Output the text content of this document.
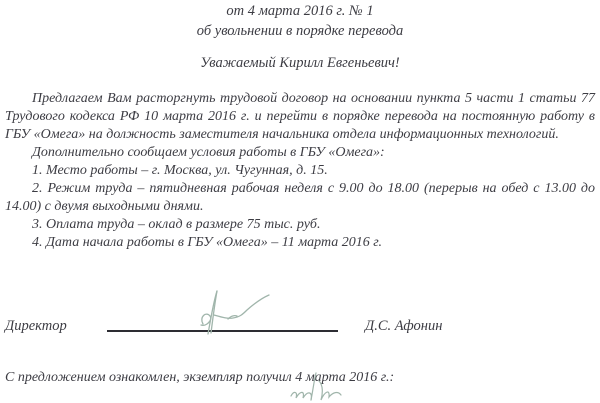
от 4 марта 2016 г. № 1
об увольнении в порядке перевода
Уважаемый Кирилл Евгеньевич!

Предлагаем Вам расторгнуть трудовой договор на основании пункта 5 части 1 статьи 77 Трудового кодекса РФ 10 марта 2016 г. и перейти в порядке перевода на постоянную работу в ГБУ «Омега» на должность заместителя начальника отдела информационных технологий.

Дополнительно сообщаем условия работы в ГБУ «Омега»:

1. Место работы – г. Москва, ул. Чугунная, д. 15.

2. Режим труда – пятидневная рабочая неделя с 9.00 до 18.00 (перерыв на обед с 13.00 до 14.00) с двумя выходными днями.

3. Оплата труда – оклад в размере 75 тыс. руб.

4. Дата начала работы в ГБУ «Омега» – 11 марта 2016 г.

Директор	Д.С. Афонин
С предложением ознакомлен, экземпляр получил 4 марта 2016 г.:
